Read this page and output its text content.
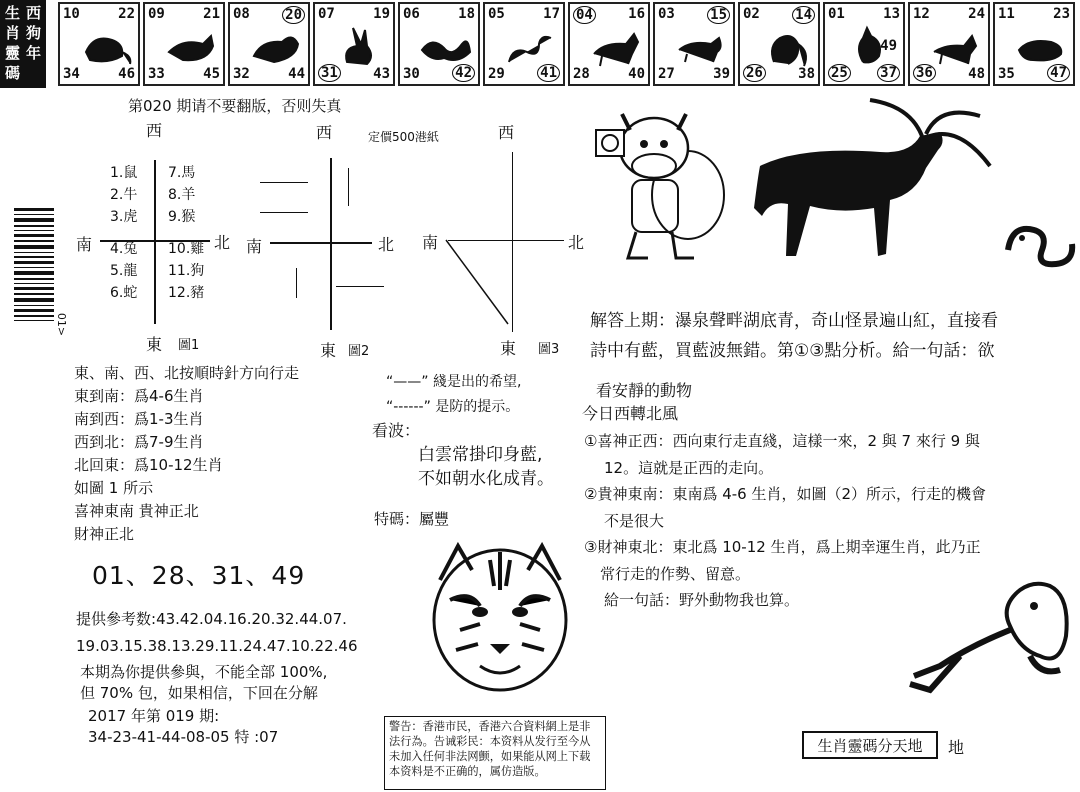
生 西
肖 狗
靈 年
碼
10	22
34	46
09	21
33	45
08	20
32	44
07	19
31	43
06	18
30	42
05	17
29	41
04	16
28	40
03	15
27	39
02	14
26	38
01	13
25 37
49
12	24
36	48
11	23
35	47
第020 期请不要翻版，否则失真
定價500港紙
01>
西
南	北
東 圖1
1.鼠
2.牛
3.虎
4.兔
5.龍
6.蛇
7.馬
8.羊
9.猴
10.雞
11.狗
12.豬
西
南	北
東 圖2
西
南	北
東 圖3
東、南、西、北按順時針方向行走
東到南：爲4-6生肖
南到西：爲1-3生肖
西到北：爲7-9生肖
北回東：爲10-12生肖
如圖 1 所示
喜神東南 貴神正北
財神正北
“——” 綫是出的希望,
“------” 是防的提示。
看波：
白雲常掛印身藍,
不如朝水化成青。
特碼：屬豐
01、28、31、49
提供參考数:43.42.04.16.20.32.44.07.
19.03.15.38.13.29.11.24.47.10.22.46
本期為你提供參與，不能全部 100%,
但 70% 包，如果相信，下回在分解
2017 年第 019 期:
34-23-41-44-08-05 特 :07
警告：香港市民，香港六合資料網上是非法行為。告诫彩民：本资料从发行至今从未加入任何非法网颤，如果能从网上下载本资料是不正确的，属仿造版。
解答上期：瀑泉聲畔湖底青，奇山怪景遍山紅，直接看
詩中有藍，買藍波無錯。第①③點分析。給一句話：欲
看安靜的動物
今日西轉北風
①喜神正西：西向東行走直綫，這樣一來，2 與 7 來行 9 與
12。這就是正西的走向。
②貴神東南：東南爲 4-6 生肖，如圖（2）所示，行走的機會
不是很大
③財神東北：東北爲 10-12 生肖，爲上期幸運生肖，此乃正
常行走的作勢、留意。
給一句話：野外動物我也算。
生肖靈碼分天地	地
